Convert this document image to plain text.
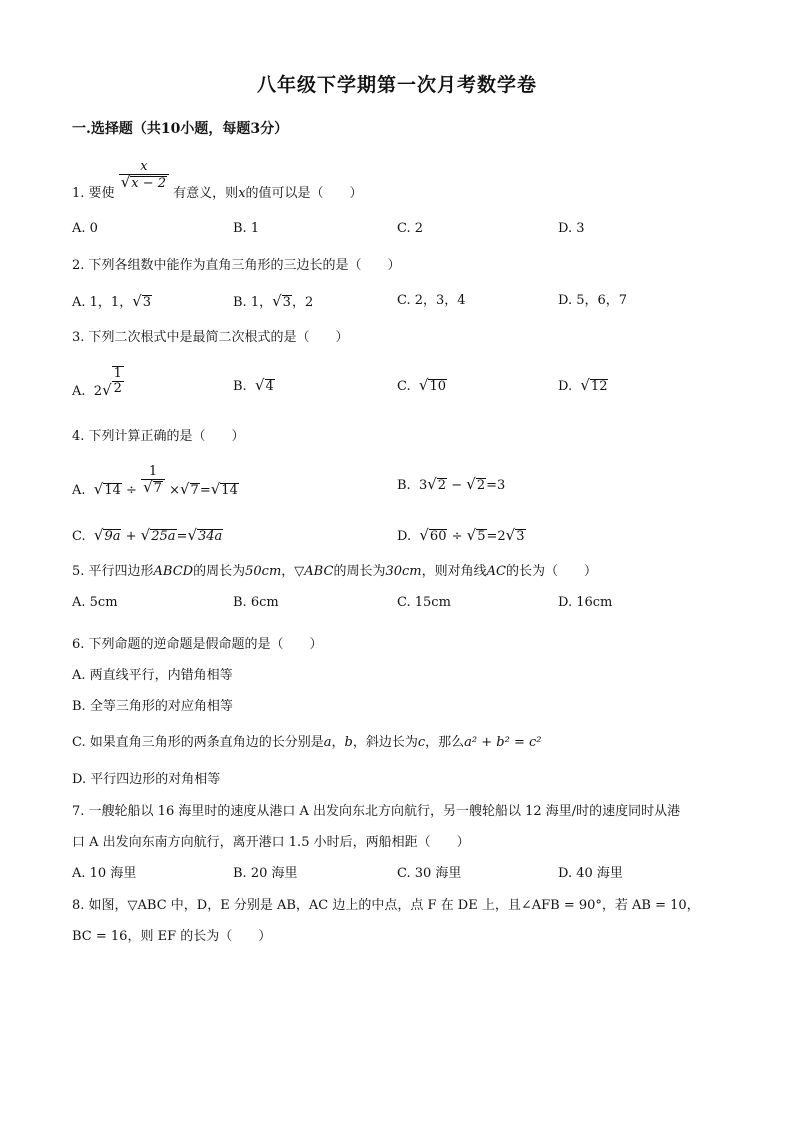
八年级下学期第一次月考数学卷
一.选择题（共10小题，每题3分）
1. 要使
$\frac{x}{√x - 2}$
有意义，则x的值可以是（　　）
A. 0	B. 1	C. 2	D. 3
2. 下列各组数中能作为直角三角形的三边长的是（　　）
A. 1，1，√3	B. 1，√3，2	C. 2，3，4	D. 5，6，7
3. 下列二次根式中是最简二次根式的是（　　）
A. $2√ \frac{1}{2}$	B. √4	C. √10	D. √12
4. 下列计算正确的是（　　）
A. $√14 \div \frac{1}{√7} \times√7=√14$	B. 3√2 − √2=3
C. √9a + √25a=√34a	D. √60 ÷ √5=2√3
5. 平行四边形ABCD的周长为50cm，▽ABC的周长为30cm，则对角线AC的长为（　　）
A. 5cm	B. 6cm	C. 15cm	D. 16cm
6. 下列命题的逆命题是假命题的是（　　）
A. 两直线平行，内错角相等
B. 全等三角形的对应角相等
C. 如果直角三角形的两条直角边的长分别是a，b，斜边长为c，那么a² + b² = c²
D. 平行四边形的对角相等
7. 一艘轮船以 16 海里时的速度从港口 A 出发向东北方向航行，另一艘轮船以 12 海里/时的速度同时从港
口 A 出发向东南方向航行，离开港口 1.5 小时后，两船相距（　　）
A. 10 海里	B. 20 海里	C. 30 海里	D. 40 海里
8. 如图，▽ABC 中，D，E 分别是 AB，AC 边上的中点，点 F 在 DE 上，且∠AFB = 90°，若 AB = 10，
BC = 16，则 EF 的长为（　　）
